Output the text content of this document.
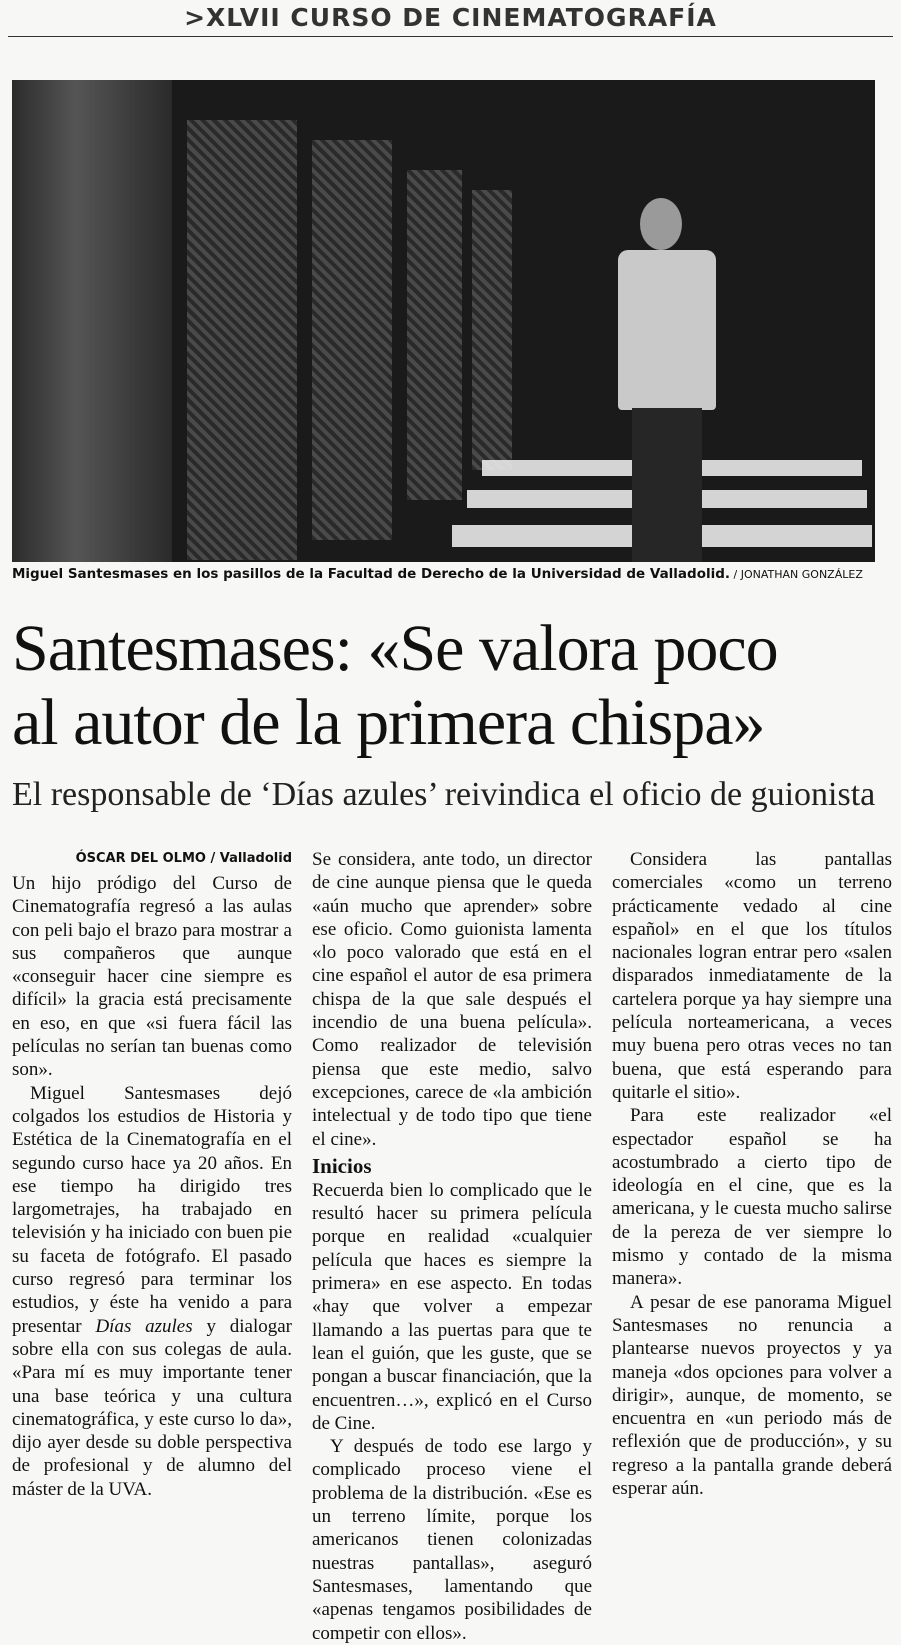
>XLVII CURSO DE CINEMATOGRAFÍA
Miguel Santesmases en los pasillos de la Facultad de Derecho de la Universidad de Valladolid. / JONATHAN GONZÁLEZ
Santesmases: «Se valora poco
al autor de la primera chispa»
El responsable de ‘Días azules’ reivindica el oficio de guionista
ÓSCAR DEL OLMO / Valladolid

Un hijo pródigo del Curso de Cinematografía regresó a las aulas con peli bajo el brazo para mostrar a sus compañeros que aunque «conseguir hacer cine siempre es difícil» la gracia está precisamente en eso, en que «si fuera fácil las películas no serían tan buenas como son».

Miguel Santesmases dejó colgados los estudios de Historia y Estética de la Cinematografía en el segundo curso hace ya 20 años. En ese tiempo ha dirigido tres largometrajes, ha trabajado en televisión y ha iniciado con buen pie su faceta de fotógrafo. El pasado curso regresó para terminar los estudios, y éste ha venido a para presentar Días azules y dialogar sobre ella con sus colegas de aula. «Para mí es muy importante tener una base teórica y una cultura cinematográfica, y este curso lo da», dijo ayer desde su doble perspectiva de profesional y de alumno del máster de la UVA.

Se considera, ante todo, un director de cine aunque piensa que le queda «aún mucho que aprender» sobre ese oficio. Como guionista lamenta «lo poco valorado que está en el cine español el autor de esa primera chispa de la que sale después el incendio de una buena película». Como realizador de televisión piensa que este medio, salvo excepciones, carece de «la ambición intelectual y de todo tipo que tiene el cine».

Inicios

Recuerda bien lo complicado que le resultó hacer su primera película porque en realidad «cualquier película que haces es siempre la primera» en ese aspecto. En todas «hay que volver a empezar llamando a las puertas para que te lean el guión, que les guste, que se pongan a buscar financiación, que la encuentren…», explicó en el Curso de Cine.

Y después de todo ese largo y complicado proceso viene el problema de la distribución. «Ese es un terreno límite, porque los americanos tienen colonizadas nuestras pantallas», aseguró Santesmases, lamentando que «apenas tengamos posibilidades de competir con ellos».

Considera las pantallas comerciales «como un terreno prácticamente vedado al cine español» en el que los títulos nacionales logran entrar pero «salen disparados inmediatamente de la cartelera porque ya hay siempre una película norteamericana, a veces muy buena pero otras veces no tan buena, que está esperando para quitarle el sitio».

Para este realizador «el espectador español se ha acostumbrado a cierto tipo de ideología en el cine, que es la americana, y le cuesta mucho salirse de la pereza de ver siempre lo mismo y contado de la misma manera».

A pesar de ese panorama Miguel Santesmases no renuncia a plantearse nuevos proyectos y ya maneja «dos opciones para volver a dirigir», aunque, de momento, se encuentra en «un periodo más de reflexión que de producción», y su regreso a la pantalla grande deberá esperar aún.
